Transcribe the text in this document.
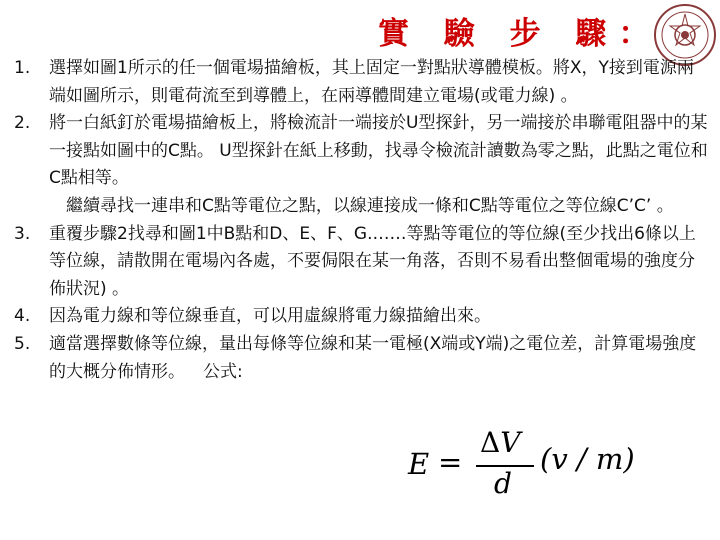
實 驗 步 驟：
1.	選擇如圖1所示的任一個電場描繪板，其上固定一對點狀導體模板。將X，Y接到電源兩端如圖所示，則電荷流至到導體上，在兩導體間建立電場(或電力線) 。
2.	將一白紙釘於電場描繪板上，將檢流計一端接於U型探針，另一端接於串聯電阻器中的某一接點如圖中的C點。 U型探針在紙上移動，找尋令檢流計讀數為零之點，此點之電位和C點相等。
繼續尋找一連串和C點等電位之點，以線連接成一條和C點等電位之等位線C’C’ 。
3.	重覆步驟2找尋和圖1中B點和D、E、F、G.……等點等電位的等位線(至少找出6條以上等位線，請散開在電場內各處，不要侷限在某一角落，否則不易看出整個電場的強度分佈狀況) 。
4.	因為電力線和等位線垂直，可以用虛線將電力線描繪出來。
5.	適當選擇數條等位線，量出每條等位線和某一電極(X端或Y端)之電位差，計算電場強度的大概分佈情形。 公式:
E =
ΔV
d
(v / m)
